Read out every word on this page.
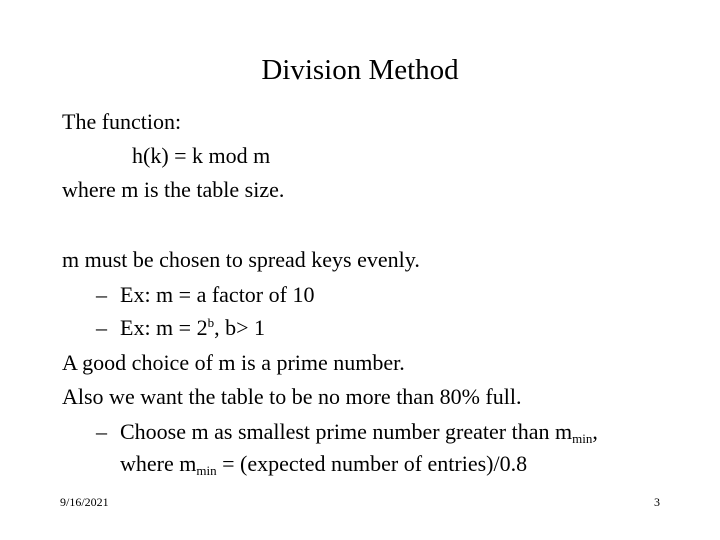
Division Method
The function:
h(k) = k mod m
where m is the table size.
m must be chosen to spread keys evenly.
– Ex: m = a factor of 10
– Ex: $m = 2^b$, b> 1
A good choice of m is a prime number.
Also we want the table to be no more than 80% full.
– Choose m as smallest prime number greater than $m_{min}$,
where $m_{min}$ = (expected number of entries)/0.8
9/16/2021	3
